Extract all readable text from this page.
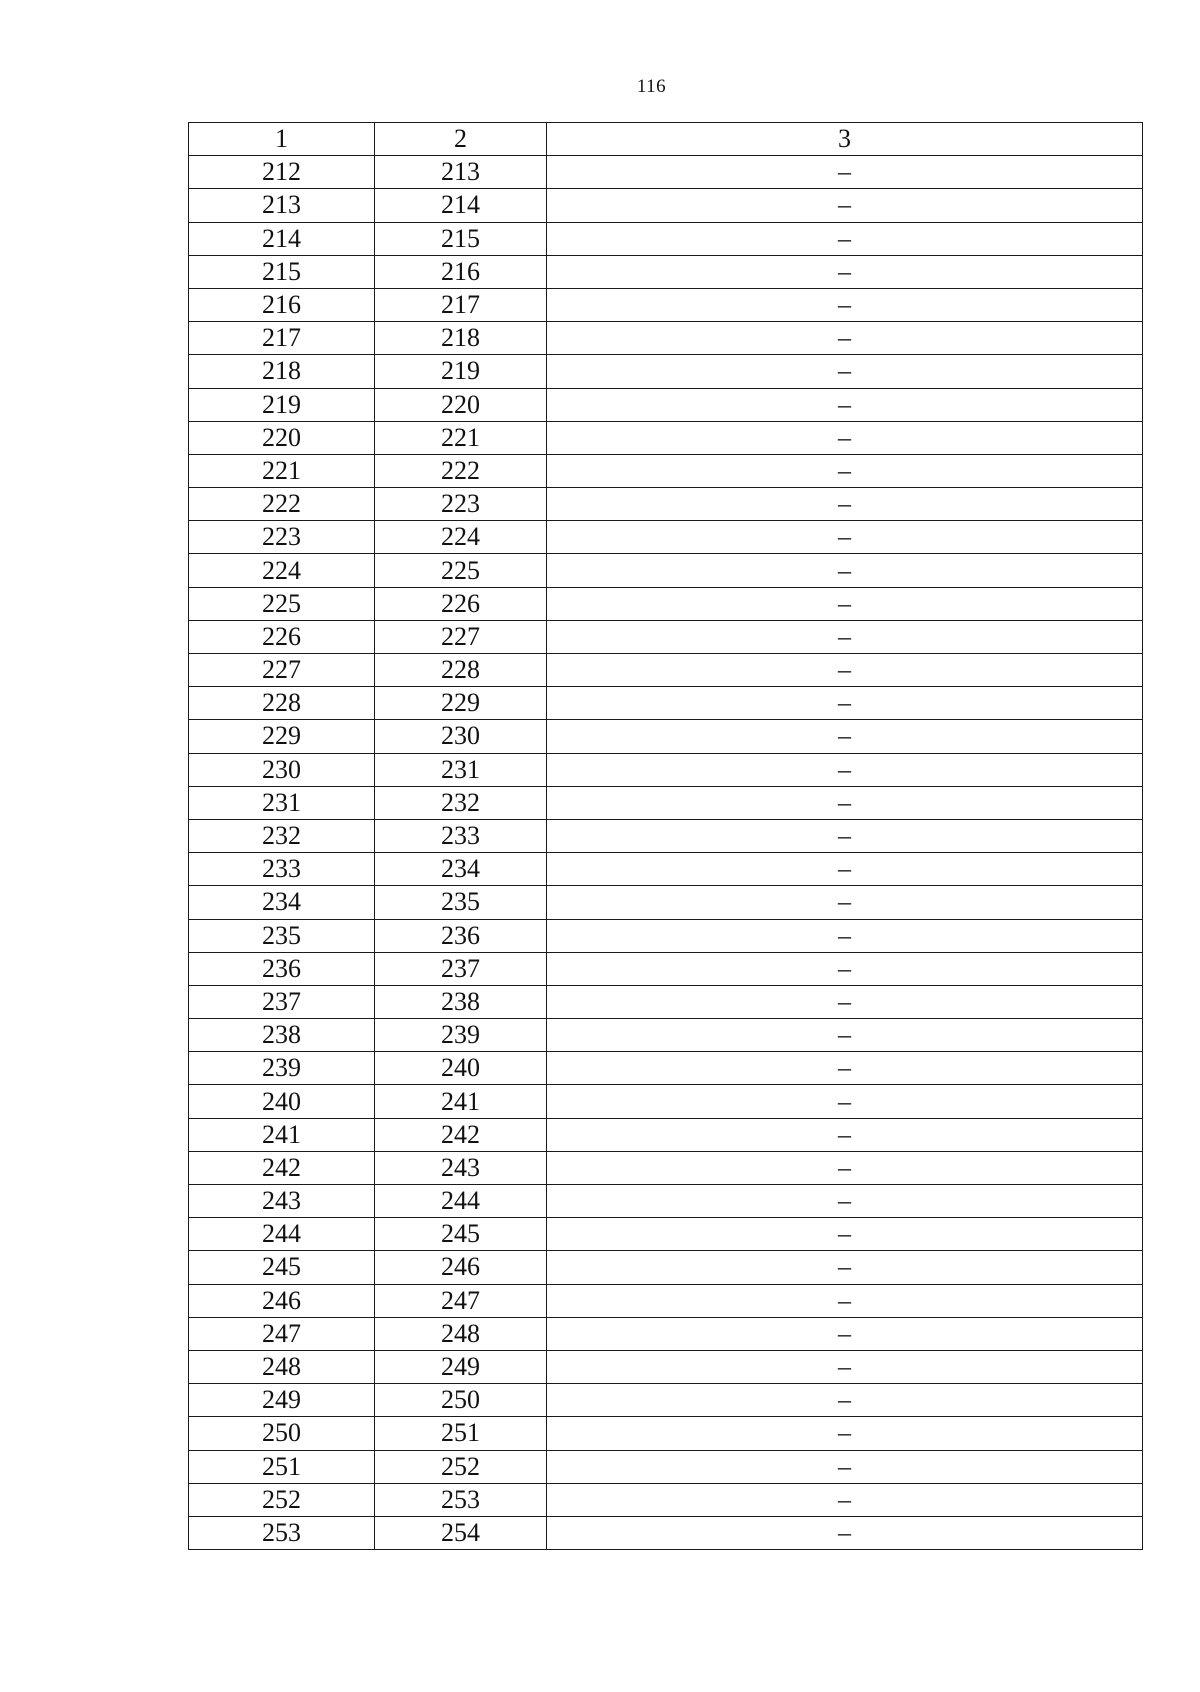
116
1	2	3
212	213	–
213	214	–
214	215	–
215	216	–
216	217	–
217	218	–
218	219	–
219	220	–
220	221	–
221	222	–
222	223	–
223	224	–
224	225	–
225	226	–
226	227	–
227	228	–
228	229	–
229	230	–
230	231	–
231	232	–
232	233	–
233	234	–
234	235	–
235	236	–
236	237	–
237	238	–
238	239	–
239	240	–
240	241	–
241	242	–
242	243	–
243	244	–
244	245	–
245	246	–
246	247	–
247	248	–
248	249	–
249	250	–
250	251	–
251	252	–
252	253	–
253	254	–
